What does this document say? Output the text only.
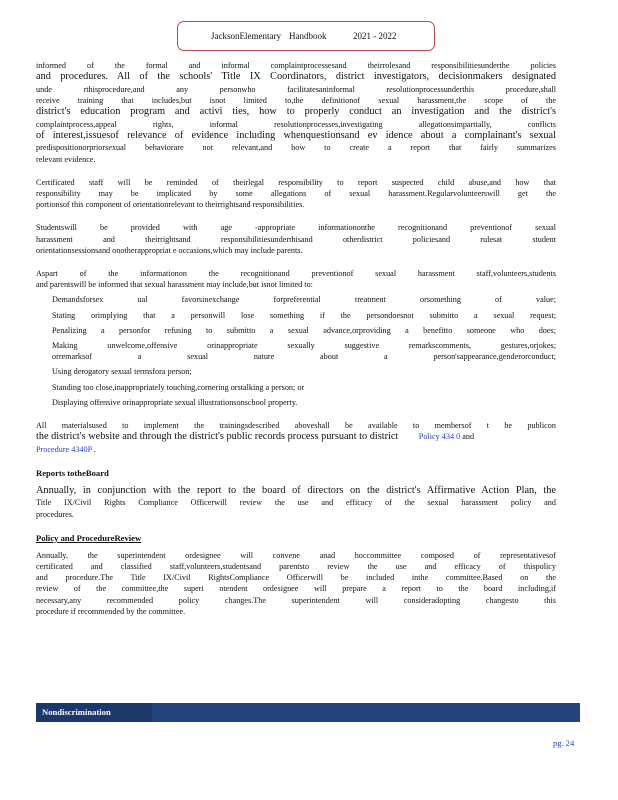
JacksonElementary Handbook	2021 - 2022

informed of the formal and informal complaintprocessesand theirrolesand responsibilitiesunderthe policies

and procedures. All of the schools' Title IX Coordinators, district investigators, decisionmakers designated

unde rthisprocedure,and any personwho facilitatesaninformal resolutionprocessunderthis procedure,shall

receive training that includes,but isnot limited to,the definitionof sexual harassment,the scope of the

district's education program and activi ties, how to properly conduct an investigation and the district's

complaintprocess,appeal rights, informal resolutionprocesses,investigating allegationsimpartially, conflicts

of interest,issuesof relevance of evidence including whenquestionsand ev idence about a complainant's sexual

predispositionorpriorsexual behaviorare not relevant,and how to create a report that fairly summarizes

relevant evidence.

Certificated staff will be reminded of theirlegal responsibility to report suspected child abuse,and how that

responsibility may be implicated by some allegations of sexual harassment.Regularvolunteerswill get the

portionsof this component of orientationrelevant to theirrightsand responsibilities.

Studentswill be provided with age -appropriate informationonthe recognitionand preventionof sexual

harassment and theirrightsand responsibilitiesunderthisand otherdistrict policiesand rulesat student

orientationsessionsand onotherappropriat e occasions,which may include parents.

Aspart of the informationon the recognitionand preventionof sexual harassment staff,volunteers,students

and parentswill be informed that sexual harassment may include,but isnot limited to:

Demandsforsex ual favorsinexchange forpreferential treatment orsomething of value;
Stating orimplying that a personwill lose something if the persondoesnot submitto a sexual request;
Penalizing a personfor refusing to submitto a sexual advance,orproviding a benefitto someone who does;
Making unwelcome,offensive orinappropriate sexually suggestive remarkscomments, gestures,orjokes;
orremarksof a sexual nature about a person'sappearance,genderorconduct;
Using derogatory sexual termsfora person;
Standing too close,inappropriately touching,cornering orstalking a person; or
Displaying offensive orinappropriate sexual illustrationsonschool property.

All materialsused to implement the trainingsdescribed aboveshall be available to membersof t he publicon

the district's website and through the district's public records process pursuant to district Policy 434 0 and

Procedure 4340P .

Reports totheBoard

Annually, in conjunction with the report to the board of directors on the district's Affirmative Action Plan, the

Title IX/Civil Rights Compliance Officerwill review the use and efficacy of the sexual harassment policy and

procedures.

Policy and ProcedureReview

Annually, the superintendent ordesignee will convene anad hoccommittee composed of representativesof

certificated and classified staff,volunteers,studentsand parentsto review the use and efficacy of thispolicy

and procedure.The Title IX/Civil RightsCompliance Officerwill be included inthe committee.Based on the

review of the committee,the superi ntendent ordesignee will prepare a report to the board including,if

necessary,any recommended policy changes.The superintendent will consideradopting changesto this

procedure if recommended by the committee.

Nondiscrimination
pg. 24
